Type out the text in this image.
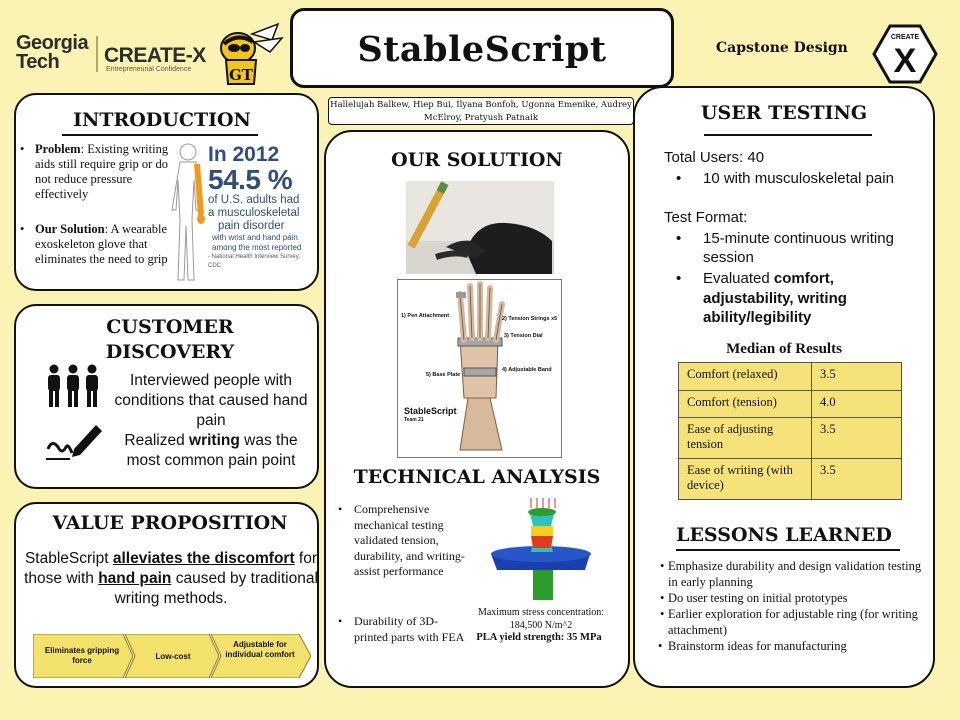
Georgia
Tech	CREATE-X
Entrepreneurial Confidence	GT
StableScript	Capstone Design
CREATE
X
Hallelujah Balkew, Hiep Bui, Ilyana Bonfoh, Ugonna Emenike, Audrey McElroy, Pratyush Patnaik
INTRODUCTION
• Problem: Existing writing aids still require grip or do not reduce pressure effectively
• Our Solution: A wearable exoskeleton glove that eliminates the need to grip
In 2012
54.5 %
of U.S. adults had
a musculoskeletal
pain disorder
with wrist and hand pain
among the most reported
- National Health Interview Survey, CDC
CUSTOMER
DISCOVERY
Interviewed people with conditions that caused hand pain
Realized writing was the most common pain point
VALUE PROPOSITION
StableScript alleviates the discomfort for those with hand pain caused by traditional writing methods.
Eliminates gripping force	Low-cost
Adjustable for individual comfort
OUR SOLUTION
1) Pen Attachment	2) Tension Strings x5
3) Tension Dial
4) Adjustable Band
5) Base Plate
StableScript
Team 21
TECHNICAL ANALYSIS
• Comprehensive mechanical testing validated tension, durability, and writing-assist performance
• Durability of 3D-printed parts with FEA
Maximum stress concentration: 184,500 N/m^2
PLA yield strength: 35 MPa
USER TESTING
Total Users: 40
•	10 with musculoskeletal pain
Test Format:
•	15-minute continuous writing session
•	Evaluated comfort, adjustability, writing ability/legibility
Median of Results
Comfort (relaxed)	3.5
Comfort (tension)	4.0
Ease of adjusting tension	3.5
Ease of writing (with device)	3.5
LESSONS LEARNED
• Emphasize durability and design validation testing in early planning
• Do user testing on initial prototypes
• Earlier exploration for adjustable ring (for writing attachment)
• Brainstorm ideas for manufacturing
